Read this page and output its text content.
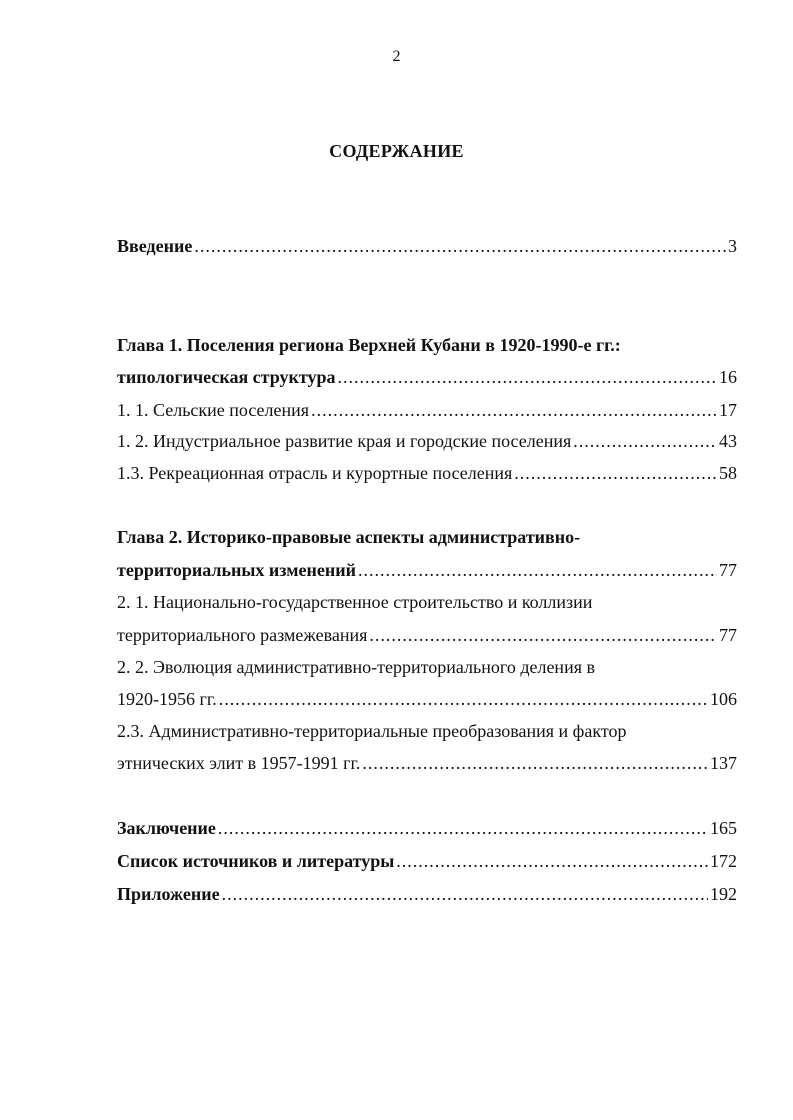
2
СОДЕРЖАНИЕ
Введение .....	3
Глава 1. Поселения региона Верхней Кубани в 1920-1990-е гг.:
типологическая структура .....	16
1. 1. Сельские поселения .....	17
1. 2. Индустриальное развитие края и городские поселения .....	43
1.3. Рекреационная отрасль и курортные поселения .....	58
Глава 2. Историко-правовые аспекты административно-
территориальных изменений .....	77
2. 1. Национально-государственное строительство и коллизии
территориального размежевания .....	77
2. 2. Эволюция административно-территориального деления в
1920-1956 гг. .....	106
2.3. Административно-территориальные преобразования и фактор
этнических элит в 1957-1991 гг. .....	137
Заключение .....	165
Список источников и литературы .....	172
Приложение .....	192
